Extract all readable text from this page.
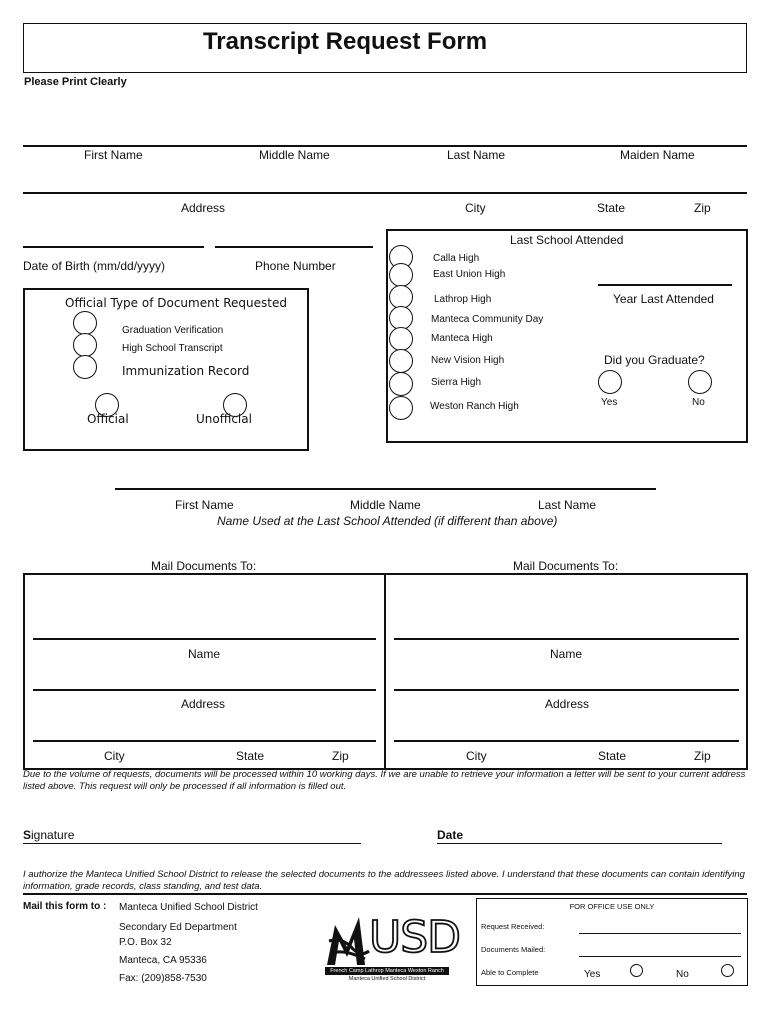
Transcript Request Form
Please Print Clearly
First Name	Middle Name	Last Name	Maiden Name
Address	City	State	Zip
Date of Birth (mm/dd/yyyy)	Phone Number
Official Type of Document Requested
Graduation Verification
High School Transcript
Immunization Record
Official	Unofficial
Last School Attended
Calla High
East Union High
Lathrop High
Manteca Community Day
Manteca High
New Vision High
Sierra High
Weston Ranch High
Year Last Attended
Did you Graduate?
Yes	No
First Name	Middle Name	Last Name
Name Used at the Last School Attended (if different than above)
Mail Documents To:	Mail Documents To:
Name
Address
City	State	Zip
Name
Address
City	State	Zip
Due to the volume of requests, documents will be processed within 10 working days. If we are unable to retrieve your information a letter will be sent to your current address listed above. This request will only be processed if all information is filled out.
Signature	Date
I authorize the Manteca Unified School District to release the selected documents to the addressees listed above. I understand that these documents can contain identifying information, grade records, class standing, and test data.
Mail this form to : Manteca Unified School District
Secondary Ed Department
P.O. Box 32
Manteca, CA 95336
Fax: (209)858-7530
USD
French Camp Lathrop Manteca Weston Ranch
Manteca Unified School District
FOR OFFICE USE ONLY
Request Received:
Documents Mailed:
Able to Complete	Yes	No
